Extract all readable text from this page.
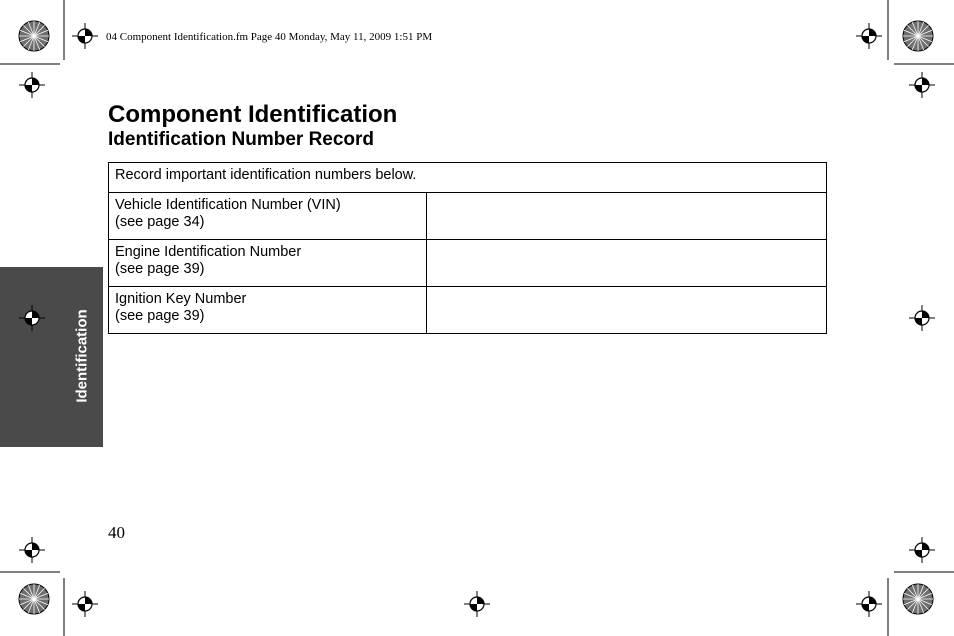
04 Component Identification.fm Page 40 Monday, May 11, 2009 1:51 PM
Identification
Component Identification
Identification Number Record
Record important identification numbers below.	

Vehicle Identification Number (VIN)
(see page 34)	

Engine Identification Number
(see page 39)	

Ignition Key Number
(see page 39)	

40
